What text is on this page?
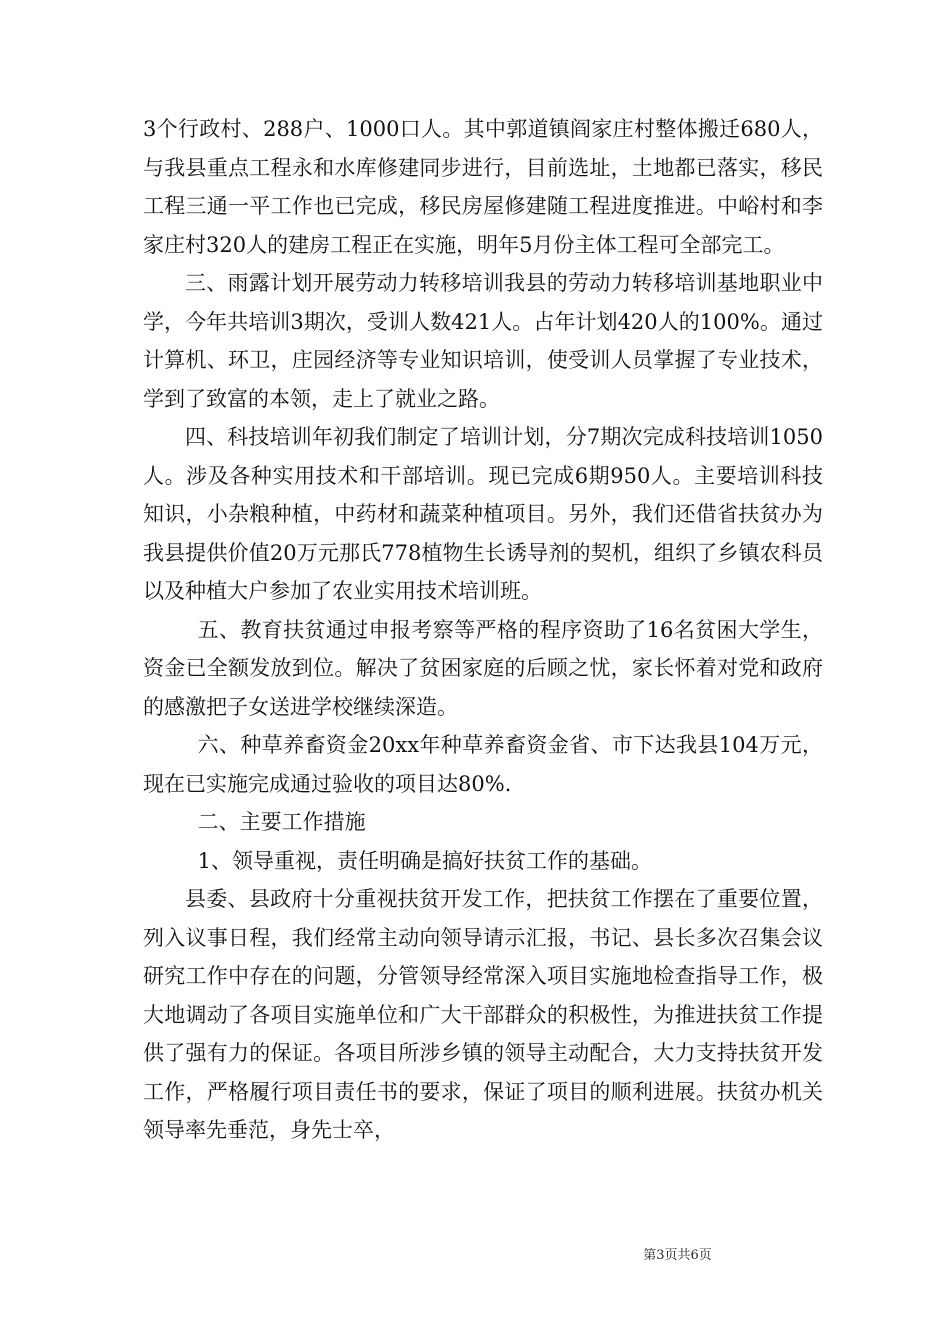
3个行政村、288户、1000口人。其中郭道镇阎家庄村整体搬迁680人，与我县重点工程永和水库修建同步进行，目前选址，土地都已落实，移民工程三通一平工作也已完成，移民房屋修建随工程进度推进。中峪村和李家庄村320人的建房工程正在实施，明年5月份主体工程可全部完工。

三、雨露计划开展劳动力转移培训我县的劳动力转移培训基地职业中学，今年共培训3期次，受训人数421人。占年计划420人的100%。通过计算机、环卫，庄园经济等专业知识培训，使受训人员掌握了专业技术，学到了致富的本领，走上了就业之路。

四、科技培训年初我们制定了培训计划，分7期次完成科技培训1050人。涉及各种实用技术和干部培训。现已完成6期950人。主要培训科技知识，小杂粮种植，中药材和蔬菜种植项目。另外，我们还借省扶贫办为我县提供价值20万元那氏778植物生长诱导剂的契机，组织了乡镇农科员以及种植大户参加了农业实用技术培训班。

五、教育扶贫通过申报考察等严格的程序资助了16名贫困大学生，资金已全额发放到位。解决了贫困家庭的后顾之忧，家长怀着对党和政府的感激把子女送进学校继续深造。

六、种草养畜资金20xx年种草养畜资金省、市下达我县104万元，现在已实施完成通过验收的项目达80%.

二、主要工作措施

1、领导重视，责任明确是搞好扶贫工作的基础。

县委、县政府十分重视扶贫开发工作，把扶贫工作摆在了重要位置，列入议事日程，我们经常主动向领导请示汇报，书记、县长多次召集会议研究工作中存在的问题，分管领导经常深入项目实施地检查指导工作，极大地调动了各项目实施单位和广大干部群众的积极性，为推进扶贫工作提供了强有力的保证。各项目所涉乡镇的领导主动配合，大力支持扶贫开发工作，严格履行项目责任书的要求，保证了项目的顺利进展。扶贫办机关领导率先垂范，身先士卒，

第3页共6页
